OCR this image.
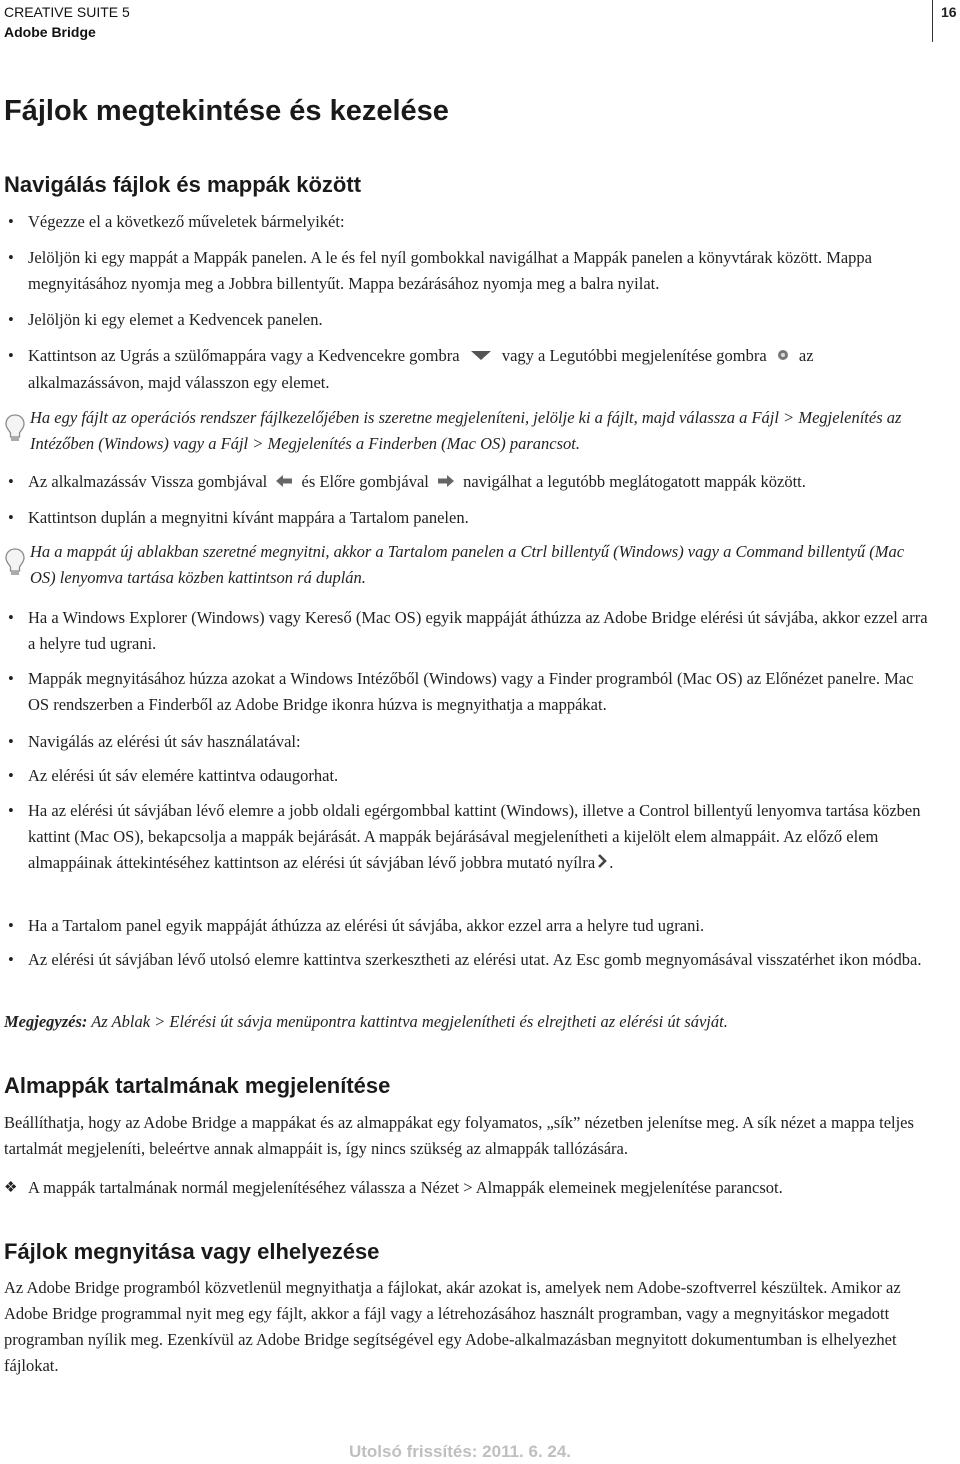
CREATIVE SUITE 5
Adobe Bridge
16
Fájlok megtekintése és kezelése
Navigálás fájlok és mappák között
• Végezze el a következő műveletek bármelyikét:
• Jelöljön ki egy mappát a Mappák panelen. A le és fel nyíl gombokkal navigálhat a Mappák panelen a könyvtárak között. Mappa megnyitásához nyomja meg a Jobbra billentyűt. Mappa bezárásához nyomja meg a balra nyilat.
• Jelöljön ki egy elemet a Kedvencek panelen.
• Kattintson az Ugrás a szülőmappára vagy a Kedvencekre gombra	vagy a Legutóbbi megjelenítése gombra az alkalmazássávon, majd válasszon egy elemet.
Ha egy fájlt az operációs rendszer fájlkezelőjében is szeretne megjeleníteni, jelölje ki a fájlt, majd válassza a Fájl > Megjelenítés az Intézőben (Windows) vagy a Fájl > Megjelenítés a Finderben (Mac OS) parancsot.
• Az alkalmazássáv Vissza gombjával és Előre gombjával navigálhat a legutóbb meglátogatott mappák között.
• Kattintson duplán a megnyitni kívánt mappára a Tartalom panelen.
Ha a mappát új ablakban szeretné megnyitni, akkor a Tartalom panelen a Ctrl billentyű (Windows) vagy a Command billentyű (Mac OS) lenyomva tartása közben kattintson rá duplán.
• Ha a Windows Explorer (Windows) vagy Kereső (Mac OS) egyik mappáját áthúzza az Adobe Bridge elérési út sávjába, akkor ezzel arra a helyre tud ugrani.
• Mappák megnyitásához húzza azokat a Windows Intézőből (Windows) vagy a Finder programból (Mac OS) az Előnézet panelre. Mac OS rendszerben a Finderből az Adobe Bridge ikonra húzva is megnyithatja a mappákat.
• Navigálás az elérési út sáv használatával:
• Az elérési út sáv elemére kattintva odaugorhat.
• Ha az elérési út sávjában lévő elemre a jobb oldali egérgombbal kattint (Windows), illetve a Control billentyű lenyomva tartása közben kattint (Mac OS), bekapcsolja a mappák bejárását. A mappák bejárásával megjelenítheti a kijelölt elem almappáit. Az előző elem almappáinak áttekintéséhez kattintson az elérési út sávjában lévő jobbra mutató nyílra .
• Ha a Tartalom panel egyik mappáját áthúzza az elérési út sávjába, akkor ezzel arra a helyre tud ugrani.
• Az elérési út sávjában lévő utolsó elemre kattintva szerkesztheti az elérési utat. Az Esc gomb megnyomásával visszatérhet ikon módba.
Megjegyzés: Az Ablak > Elérési út sávja menüpontra kattintva megjelenítheti és elrejtheti az elérési út sávját.
Almappák tartalmának megjelenítése

Beállíthatja, hogy az Adobe Bridge a mappákat és az almappákat egy folyamatos, „sík” nézetben jelenítse meg. A sík nézet a mappa teljes tartalmát megjeleníti, beleértve annak almappáit is, így nincs szükség az almappák tallózására.

❖ A mappák tartalmának normál megjelenítéséhez válassza a Nézet > Almappák elemeinek megjelenítése parancsot.
Fájlok megnyitása vagy elhelyezése

Az Adobe Bridge programból közvetlenül megnyithatja a fájlokat, akár azokat is, amelyek nem Adobe-szoftverrel készültek. Amikor az Adobe Bridge programmal nyit meg egy fájlt, akkor a fájl vagy a létrehozásához használt programban, vagy a megnyitáskor megadott programban nyílik meg. Ezenkívül az Adobe Bridge segítségével egy Adobe-alkalmazásban megnyitott dokumentumban is elhelyezhet fájlokat.

Utolsó frissítés: 2011. 6. 24.
